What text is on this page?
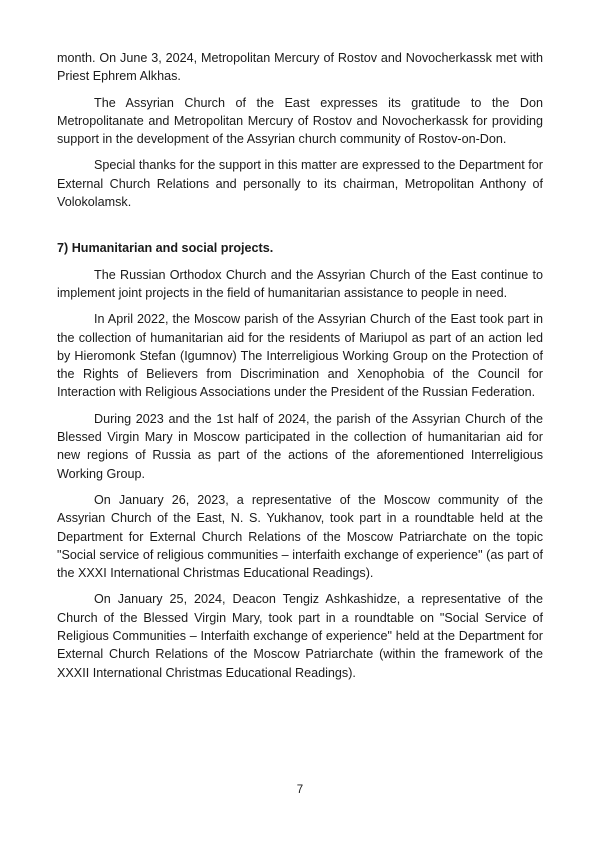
month. On June 3, 2024, Metropolitan Mercury of Rostov and Novocherkassk met with Priest Ephrem Alkhas.

The Assyrian Church of the East expresses its gratitude to the Don Metropolitanate and Metropolitan Mercury of Rostov and Novocherkassk for providing support in the development of the Assyrian church community of Rostov-on-Don.

Special thanks for the support in this matter are expressed to the Department for External Church Relations and personally to its chairman, Metropolitan Anthony of Volokolamsk.

7) Humanitarian and social projects.

The Russian Orthodox Church and the Assyrian Church of the East continue to implement joint projects in the field of humanitarian assistance to people in need.

In April 2022, the Moscow parish of the Assyrian Church of the East took part in the collection of humanitarian aid for the residents of Mariupol as part of an action led by Hieromonk Stefan (Igumnov) The Interreligious Working Group on the Protection of the Rights of Believers from Discrimination and Xenophobia of the Council for Interaction with Religious Associations under the President of the Russian Federation.

During 2023 and the 1st half of 2024, the parish of the Assyrian Church of the Blessed Virgin Mary in Moscow participated in the collection of humanitarian aid for new regions of Russia as part of the actions of the aforementioned Interreligious Working Group.

On January 26, 2023, a representative of the Moscow community of the Assyrian Church of the East, N. S. Yukhanov, took part in a roundtable held at the Department for External Church Relations of the Moscow Patriarchate on the topic "Social service of religious communities – interfaith exchange of experience" (as part of the XXXI International Christmas Educational Readings).

On January 25, 2024, Deacon Tengiz Ashkashidze, a representative of the Church of the Blessed Virgin Mary, took part in a roundtable on "Social Service of Religious Communities – Interfaith exchange of experience" held at the Department for External Church Relations of the Moscow Patriarchate (within the framework of the XXXII International Christmas Educational Readings).

7
